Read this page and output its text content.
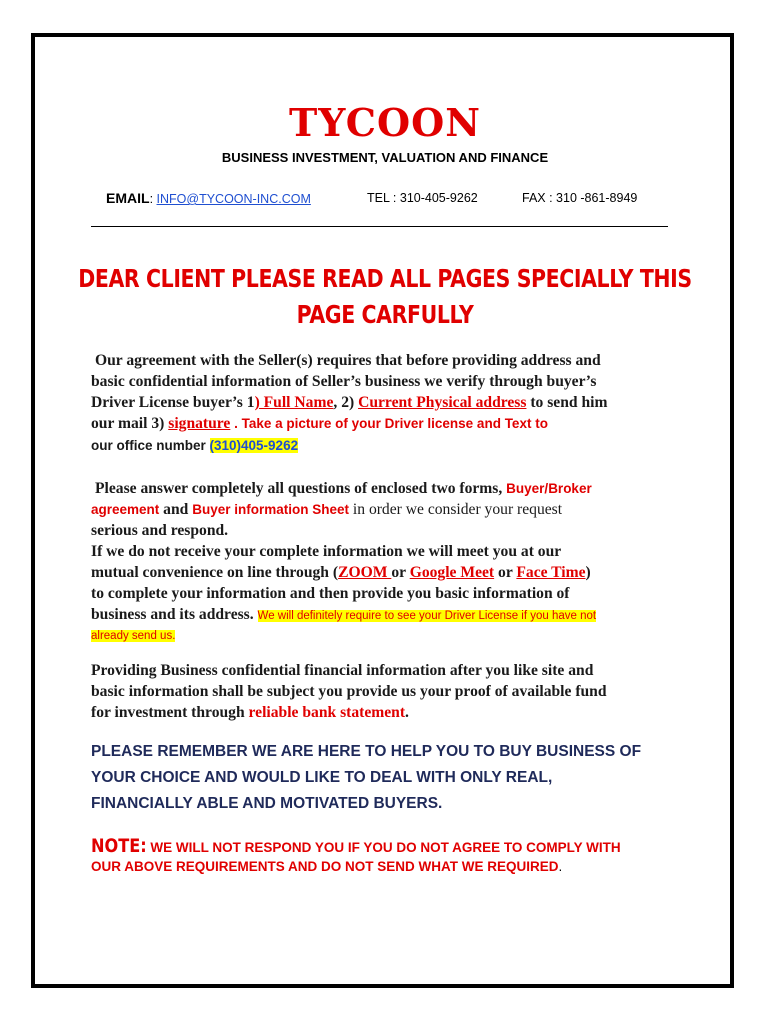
TYCOON
BUSINESS INVESTMENT, VALUATION AND FINANCE
EMAIL: INFO@TYCOON-INC.COM	TEL : 310-405-9262	FAX : 310 -861-8949
DEAR CLIENT PLEASE READ ALL PAGES SPECIALLY THIS
PAGE CARFULLY
Our agreement with the Seller(s) requires that before providing address and
basic confidential information of Seller’s business we verify through buyer’s
Driver License buyer’s 1) Full Name, 2) Current Physical address to send him
our mail 3) signature . Take a picture of your Driver license and Text to
our office number (310)405-9262
Please answer completely all questions of enclosed two forms, Buyer/Broker
agreement and Buyer information Sheet in order we consider your request
serious and respond.
If we do not receive your complete information we will meet you at our
mutual convenience on line through (ZOOM or Google Meet or Face Time)
to complete your information and then provide you basic information of
business and its address. We will definitely require to see your Driver License if you have not
already send us.
Providing Business confidential financial information after you like site and
basic information shall be subject you provide us your proof of available fund
for investment through reliable bank statement.
PLEASE REMEMBER WE ARE HERE TO HELP YOU TO BUY BUSINESS OF
YOUR CHOICE AND WOULD LIKE TO DEAL WITH ONLY REAL,
FINANCIALLY ABLE AND MOTIVATED BUYERS.
NOTE: WE WILL NOT RESPOND YOU IF YOU DO NOT AGREE TO COMPLY WITH
OUR ABOVE REQUIREMENTS AND DO NOT SEND WHAT WE REQUIRED.
